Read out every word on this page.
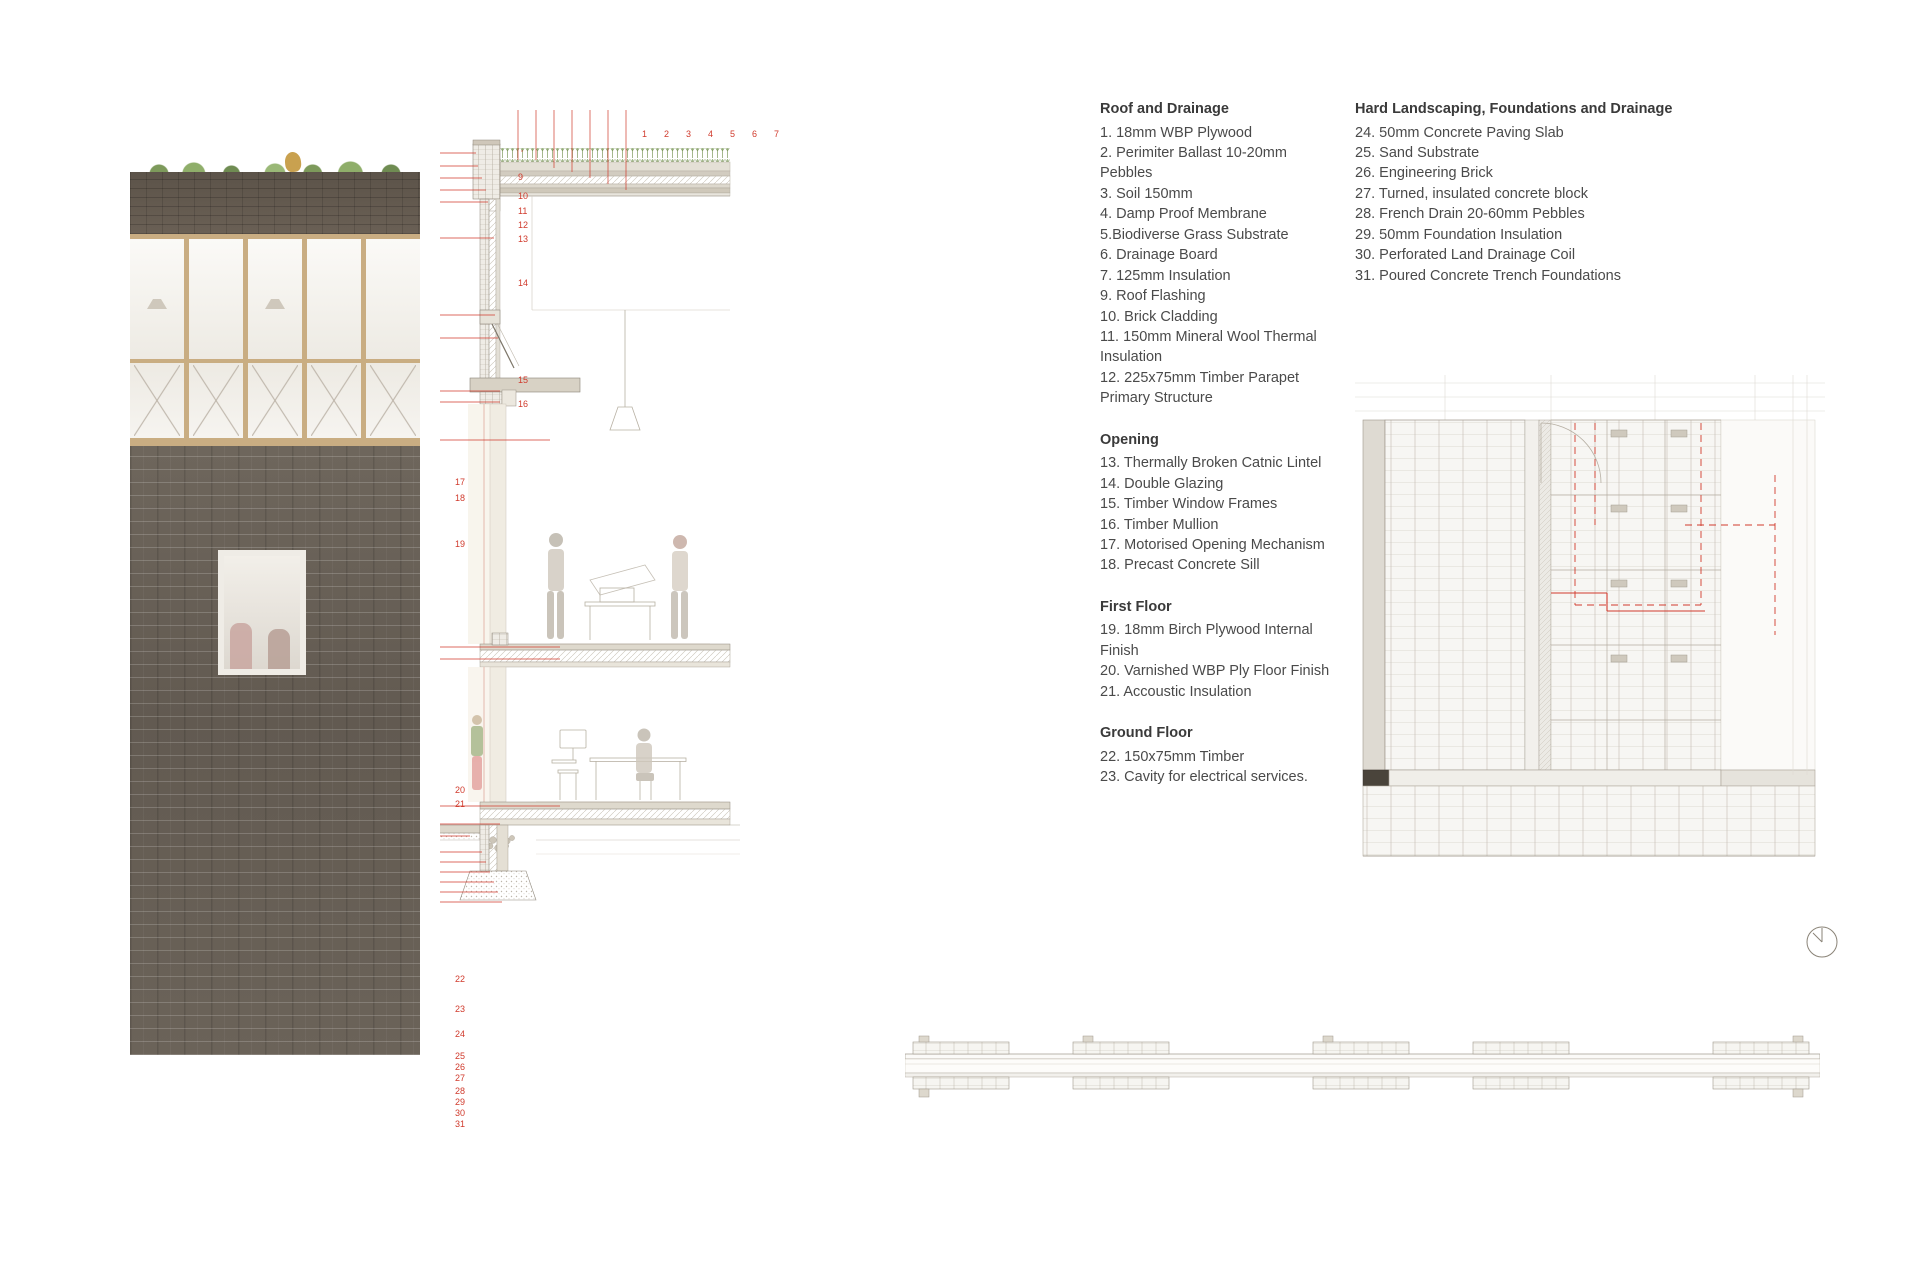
1 2 3 4 5 6 7
9
10
11
12
13
14
15
16
17
18
19
20
21
22
23
24
25
26
27
28
29
30
31
Roof and Drainage
1. 18mm WBP Plywood
2. Perimiter Ballast 10-20mm Pebbles
3. Soil 150mm
4. Damp Proof Membrane
5.Biodiverse Grass Substrate
6. Drainage Board
7. 125mm Insulation
9. Roof Flashing
10. Brick Cladding
11. 150mm Mineral Wool Thermal Insulation
12. 225x75mm Timber Parapet Primary Structure
Opening
13. Thermally Broken Catnic Lintel
14. Double Glazing
15. Timber Window Frames
16. Timber Mullion
17. Motorised Opening Mechanism
18. Precast Concrete Sill
First Floor
19. 18mm Birch Plywood Internal Finish
20. Varnished WBP Ply Floor Finish
21. Accoustic Insulation
Ground Floor
22. 150x75mm Timber
23. Cavity for electrical services.
Hard Landscaping, Foundations and Drainage
24. 50mm Concrete Paving Slab
25. Sand Substrate
26. Engineering Brick
27. Turned, insulated concrete block
28. French Drain 20-60mm Pebbles
29. 50mm Foundation Insulation
30. Perforated Land Drainage Coil
31. Poured Concrete Trench Foundations
